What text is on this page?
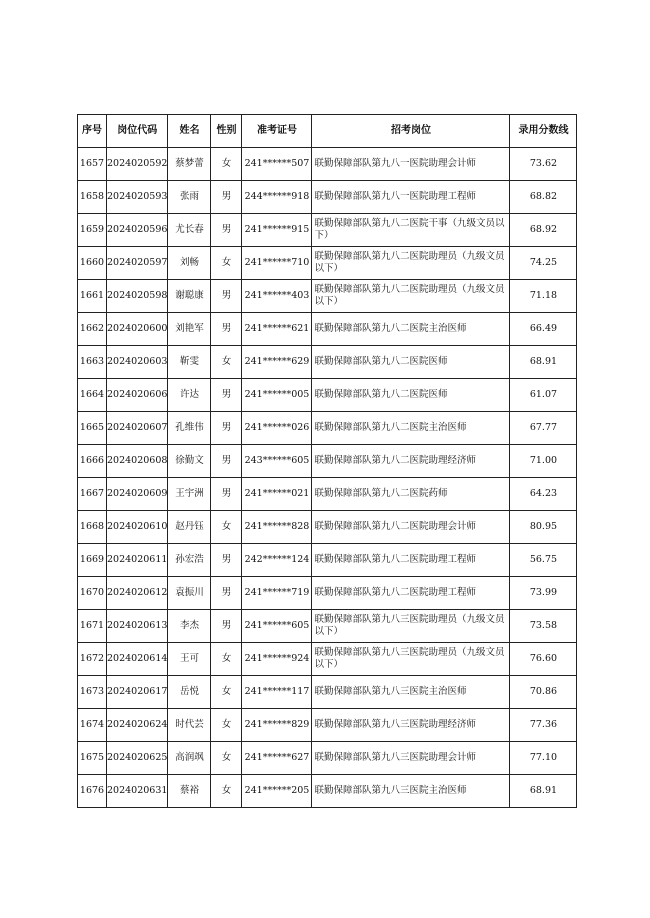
序号	岗位代码	姓名	性别	准考证号	招考岗位	录用分数线
1657	2024020592	蔡梦蕾	女	241******507	联勤保障部队第九八一医院助理会计师	73.62
1658	2024020593	张雨	男	244******918	联勤保障部队第九八一医院助理工程师	68.82
1659	2024020596	尤长春	男	241******915	联勤保障部队第九八二医院干事（九级文员以下）	68.92
1660	2024020597	刘畅	女	241******710	联勤保障部队第九八二医院助理员（九级文员以下）	74.25
1661	2024020598	谢聪康	男	241******403	联勤保障部队第九八二医院助理员（九级文员以下）	71.18
1662	2024020600	刘艳军	男	241******621	联勤保障部队第九八二医院主治医师	66.49
1663	2024020603	靳雯	女	241******629	联勤保障部队第九八二医院医师	68.91
1664	2024020606	许达	男	241******005	联勤保障部队第九八二医院医师	61.07
1665	2024020607	孔维伟	男	241******026	联勤保障部队第九八二医院主治医师	67.77
1666	2024020608	徐勤文	男	243******605	联勤保障部队第九八二医院助理经济师	71.00
1667	2024020609	王宇洲	男	241******021	联勤保障部队第九八二医院药师	64.23
1668	2024020610	赵丹钰	女	241******828	联勤保障部队第九八二医院助理会计师	80.95
1669	2024020611	孙宏浩	男	242******124	联勤保障部队第九八二医院助理工程师	56.75
1670	2024020612	袁振川	男	241******719	联勤保障部队第九八二医院助理工程师	73.99
1671	2024020613	李杰	男	241******605	联勤保障部队第九八三医院助理员（九级文员以下）	73.58
1672	2024020614	王可	女	241******924	联勤保障部队第九八三医院助理员（九级文员以下）	76.60
1673	2024020617	岳悦	女	241******117	联勤保障部队第九八三医院主治医师	70.86
1674	2024020624	时代芸	女	241******829	联勤保障部队第九八三医院助理经济师	77.36
1675	2024020625	高润飒	女	241******627	联勤保障部队第九八三医院助理会计师	77.10
1676	2024020631	蔡裕	女	241******205	联勤保障部队第九八三医院主治医师	68.91
